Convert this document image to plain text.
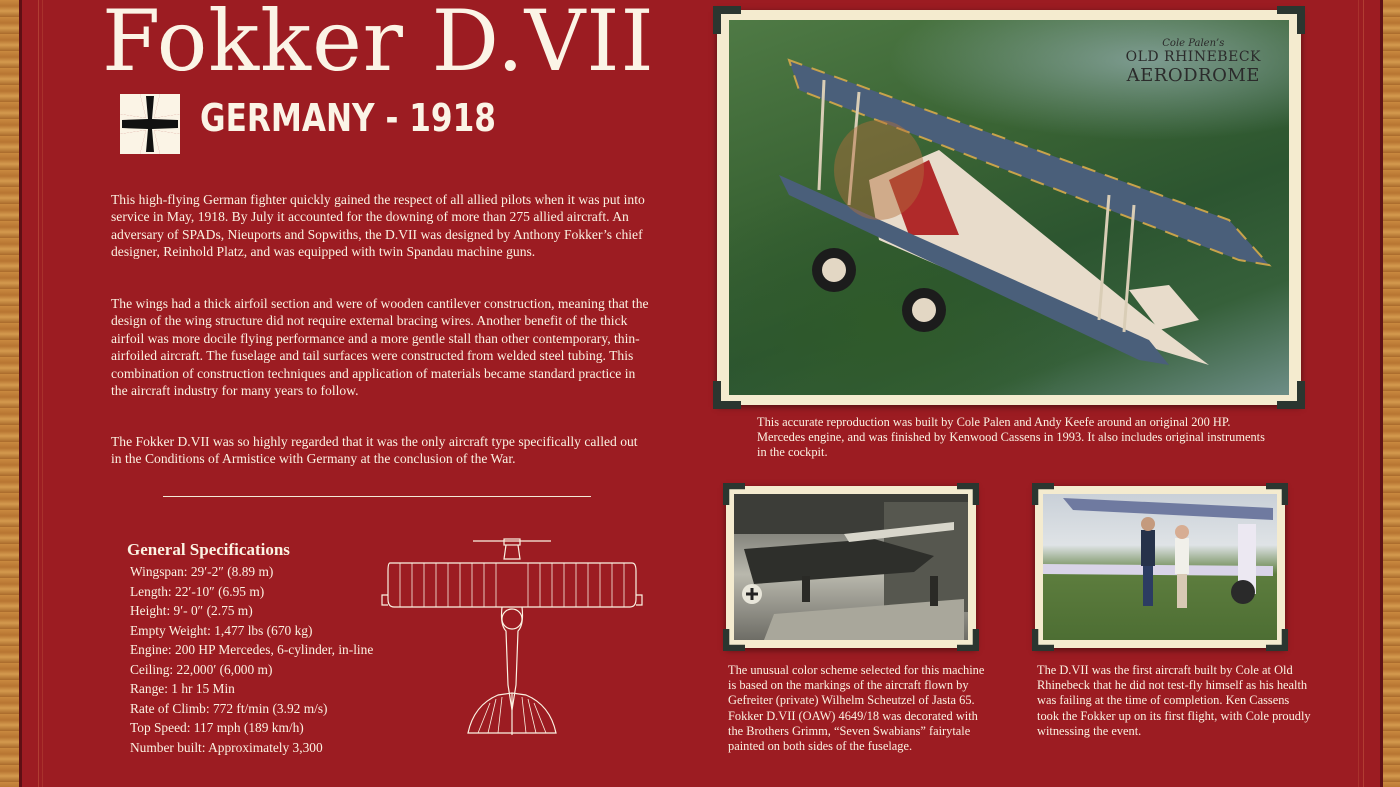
Fokker D.VII
GERMANY - 1918

This high-flying German fighter quickly gained the respect of all allied pilots when it was put into service in May, 1918. By July it accounted for the downing of more than 275 allied aircraft. An adversary of SPADs, Nieuports and Sopwiths, the D.VII was designed by Anthony Fokker’s chief designer, Reinhold Platz, and was equipped with twin Spandau machine guns.

The wings had a thick airfoil section and were of wooden cantilever construction, meaning that the design of the wing structure did not require external bracing wires. Another benefit of the thick airfoil was more docile flying performance and a more gentle stall than other contemporary, thin-airfoiled aircraft. The fuselage and tail surfaces were constructed from welded steel tubing. This combination of construction techniques and application of materials became standard practice in the aircraft industry for many years to follow.

The Fokker D.VII was so highly regarded that it was the only aircraft type specifically called out in the Conditions of Armistice with Germany at the conclusion of the War.

General Specifications
Wingspan: 29′-2″ (8.89 m)
Length: 22′-10″ (6.95 m)
Height: 9′- 0″ (2.75 m)
Empty Weight: 1,477 lbs (670 kg)
Engine: 200 HP Mercedes, 6-cylinder, in-line
Ceiling: 22,000′ (6,000 m)
Range: 1 hr 15 Min
Rate of Climb: 772 ft/min (3.92 m/s)
Top Speed: 117 mph (189 km/h)
Number built: Approximately 3,300
Cole Palen’s
OLD RHINEBECK
AERODROME

This accurate reproduction was built by Cole Palen and Andy Keefe around an original 200 HP. Mercedes engine, and was finished by Kenwood Cassens in 1993. It also includes original instruments in the cockpit.

The unusual color scheme selected for this machine is based on the markings of the aircraft flown by Gefreiter (private) Wilhelm Scheutzel of Jasta 65. Fokker D.VII (OAW) 4649/18 was decorated with the Brothers Grimm, “Seven Swabians” fairytale painted on both sides of the fuselage.

The D.VII was the first aircraft built by Cole at Old Rhinebeck that he did not test-fly himself as his health was failing at the time of completion. Ken Cassens took the Fokker up on its first flight, with Cole proudly witnessing the event.
